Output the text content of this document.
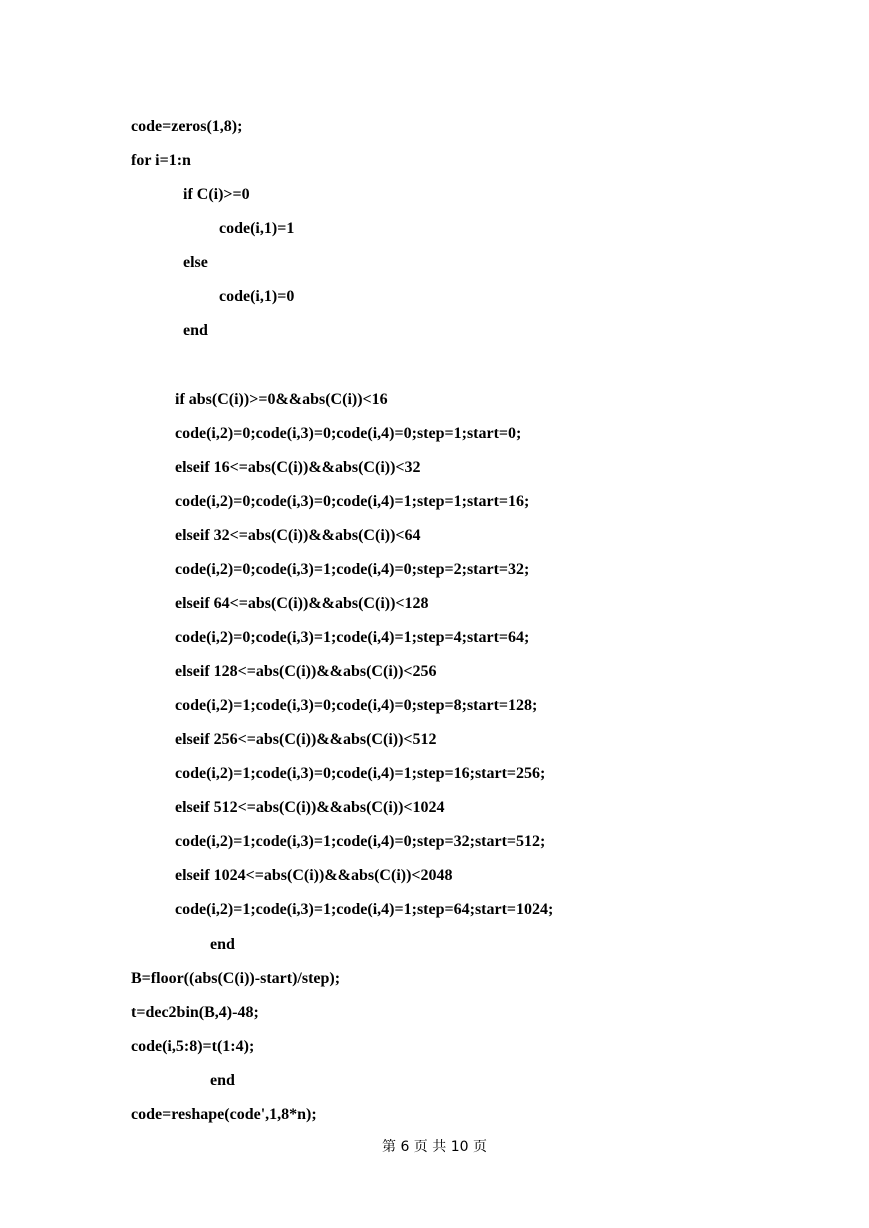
code=zeros(1,8);
for i=1:n
if C(i)>=0
code(i,1)=1
else
code(i,1)=0
end
if abs(C(i))>=0&&abs(C(i))<16
code(i,2)=0;code(i,3)=0;code(i,4)=0;step=1;start=0;
elseif 16<=abs(C(i))&&abs(C(i))<32
code(i,2)=0;code(i,3)=0;code(i,4)=1;step=1;start=16;
elseif 32<=abs(C(i))&&abs(C(i))<64
code(i,2)=0;code(i,3)=1;code(i,4)=0;step=2;start=32;
elseif 64<=abs(C(i))&&abs(C(i))<128
code(i,2)=0;code(i,3)=1;code(i,4)=1;step=4;start=64;
elseif 128<=abs(C(i))&&abs(C(i))<256
code(i,2)=1;code(i,3)=0;code(i,4)=0;step=8;start=128;
elseif 256<=abs(C(i))&&abs(C(i))<512
code(i,2)=1;code(i,3)=0;code(i,4)=1;step=16;start=256;
elseif 512<=abs(C(i))&&abs(C(i))<1024
code(i,2)=1;code(i,3)=1;code(i,4)=0;step=32;start=512;
elseif 1024<=abs(C(i))&&abs(C(i))<2048
code(i,2)=1;code(i,3)=1;code(i,4)=1;step=64;start=1024;
end
B=floor((abs(C(i))-start)/step);
t=dec2bin(B,4)-48;
code(i,5:8)=t(1:4);
end
code=reshape(code',1,8*n);
第 6 页 共 10 页
